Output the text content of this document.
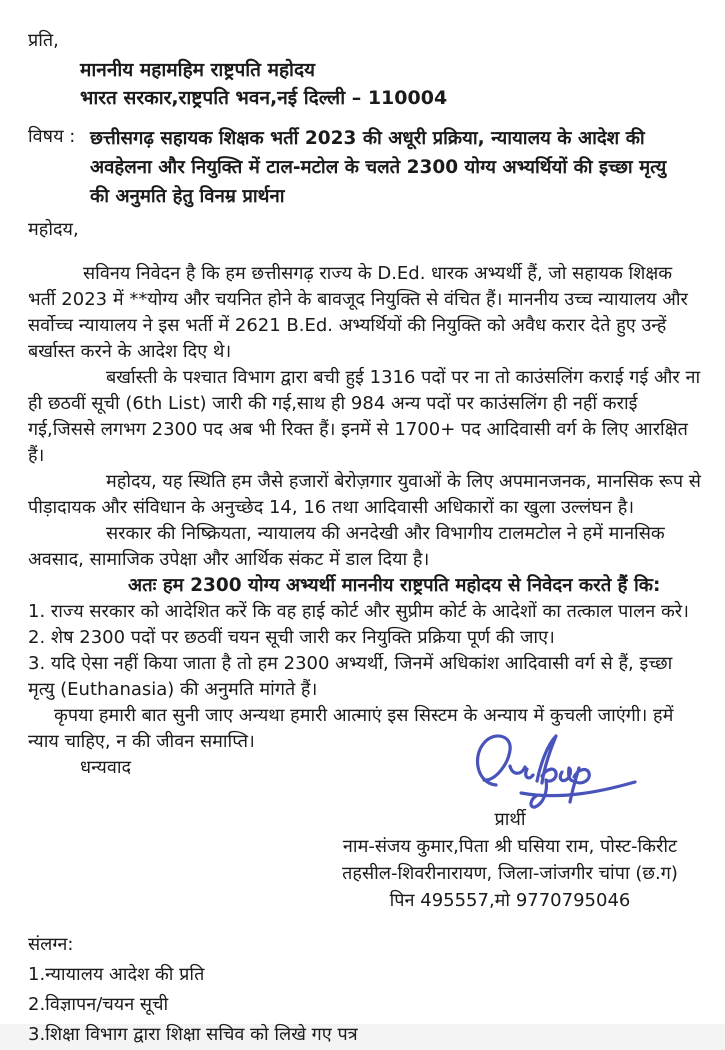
प्रति,

माननीय महामहिम राष्ट्रपति महोदय
भारत सरकार,राष्ट्रपति भवन,नई दिल्ली – 110004
विषय : छत्तीसगढ़ सहायक शिक्षक भर्ती 2023 की अधूरी प्रक्रिया, न्यायालय के आदेश की अवहेलना और नियुक्ति में टाल-मटोल के चलते 2300 योग्य अभ्यर्थियों की इच्छा मृत्यु की अनुमति हेतु विनम्र प्रार्थना

महोदय,

सविनय निवेदन है कि हम छत्तीसगढ़ राज्य के D.Ed. धारक अभ्यर्थी हैं, जो सहायक शिक्षक भर्ती 2023 में **योग्य और चयनित होने के बावजूद नियुक्ति से वंचित हैं। माननीय उच्च न्यायालय और सर्वोच्च न्यायालय ने इस भर्ती में 2621 B.Ed. अभ्यर्थियों की नियुक्ति को अवैध करार देते हुए उन्हें बर्खास्त करने के आदेश दिए थे।

बर्खास्ती के पश्चात विभाग द्वारा बची हुई 1316 पदों पर ना तो काउंसलिंग कराई गई और ना ही छठवीं सूची (6th List) जारी की गई,साथ ही 984 अन्य पदों पर काउंसलिंग ही नहीं कराई गई,जिससे लगभग 2300 पद अब भी रिक्त हैं। इनमें से 1700+ पद आदिवासी वर्ग के लिए आरक्षित हैं।

महोदय, यह स्थिति हम जैसे हजारों बेरोज़गार युवाओं के लिए अपमानजनक, मानसिक रूप से पीड़ादायक और संविधान के अनुच्छेद 14, 16 तथा आदिवासी अधिकारों का खुला उल्लंघन है।

सरकार की निष्क्रियता, न्यायालय की अनदेखी और विभागीय टालमटोल ने हमें मानसिक अवसाद, सामाजिक उपेक्षा और आर्थिक संकट में डाल दिया है।

अतः हम 2300 योग्य अभ्यर्थी माननीय राष्ट्रपति महोदय से निवेदन करते हैं कि:

1. राज्य सरकार को आदेशित करें कि वह हाई कोर्ट और सुप्रीम कोर्ट के आदेशों का तत्काल पालन करे।

2. शेष 2300 पदों पर छठवीं चयन सूची जारी कर नियुक्ति प्रक्रिया पूर्ण की जाए।

3. यदि ऐसा नहीं किया जाता है तो हम 2300 अभ्यर्थी, जिनमें अधिकांश आदिवासी वर्ग से हैं, इच्छा मृत्यु (Euthanasia) की अनुमति मांगते हैं।

कृपया हमारी बात सुनी जाए अन्यथा हमारी आत्माएं इस सिस्टम के अन्याय में कुचली जाएंगी। हमें न्याय चाहिए, न की जीवन समाप्ति।

धन्यवाद

प्रार्थी

नाम-संजय कुमार,पिता श्री घसिया राम, पोस्ट-किरीट

तहसील-शिवरीनारायण, जिला-जांजगीर चांपा (छ.ग)

पिन 495557,मो 9770795046

संलग्न:

1.न्यायालय आदेश की प्रति

2.विज्ञापन/चयन सूची

3.शिक्षा विभाग द्वारा शिक्षा सचिव को लिखे गए पत्र
